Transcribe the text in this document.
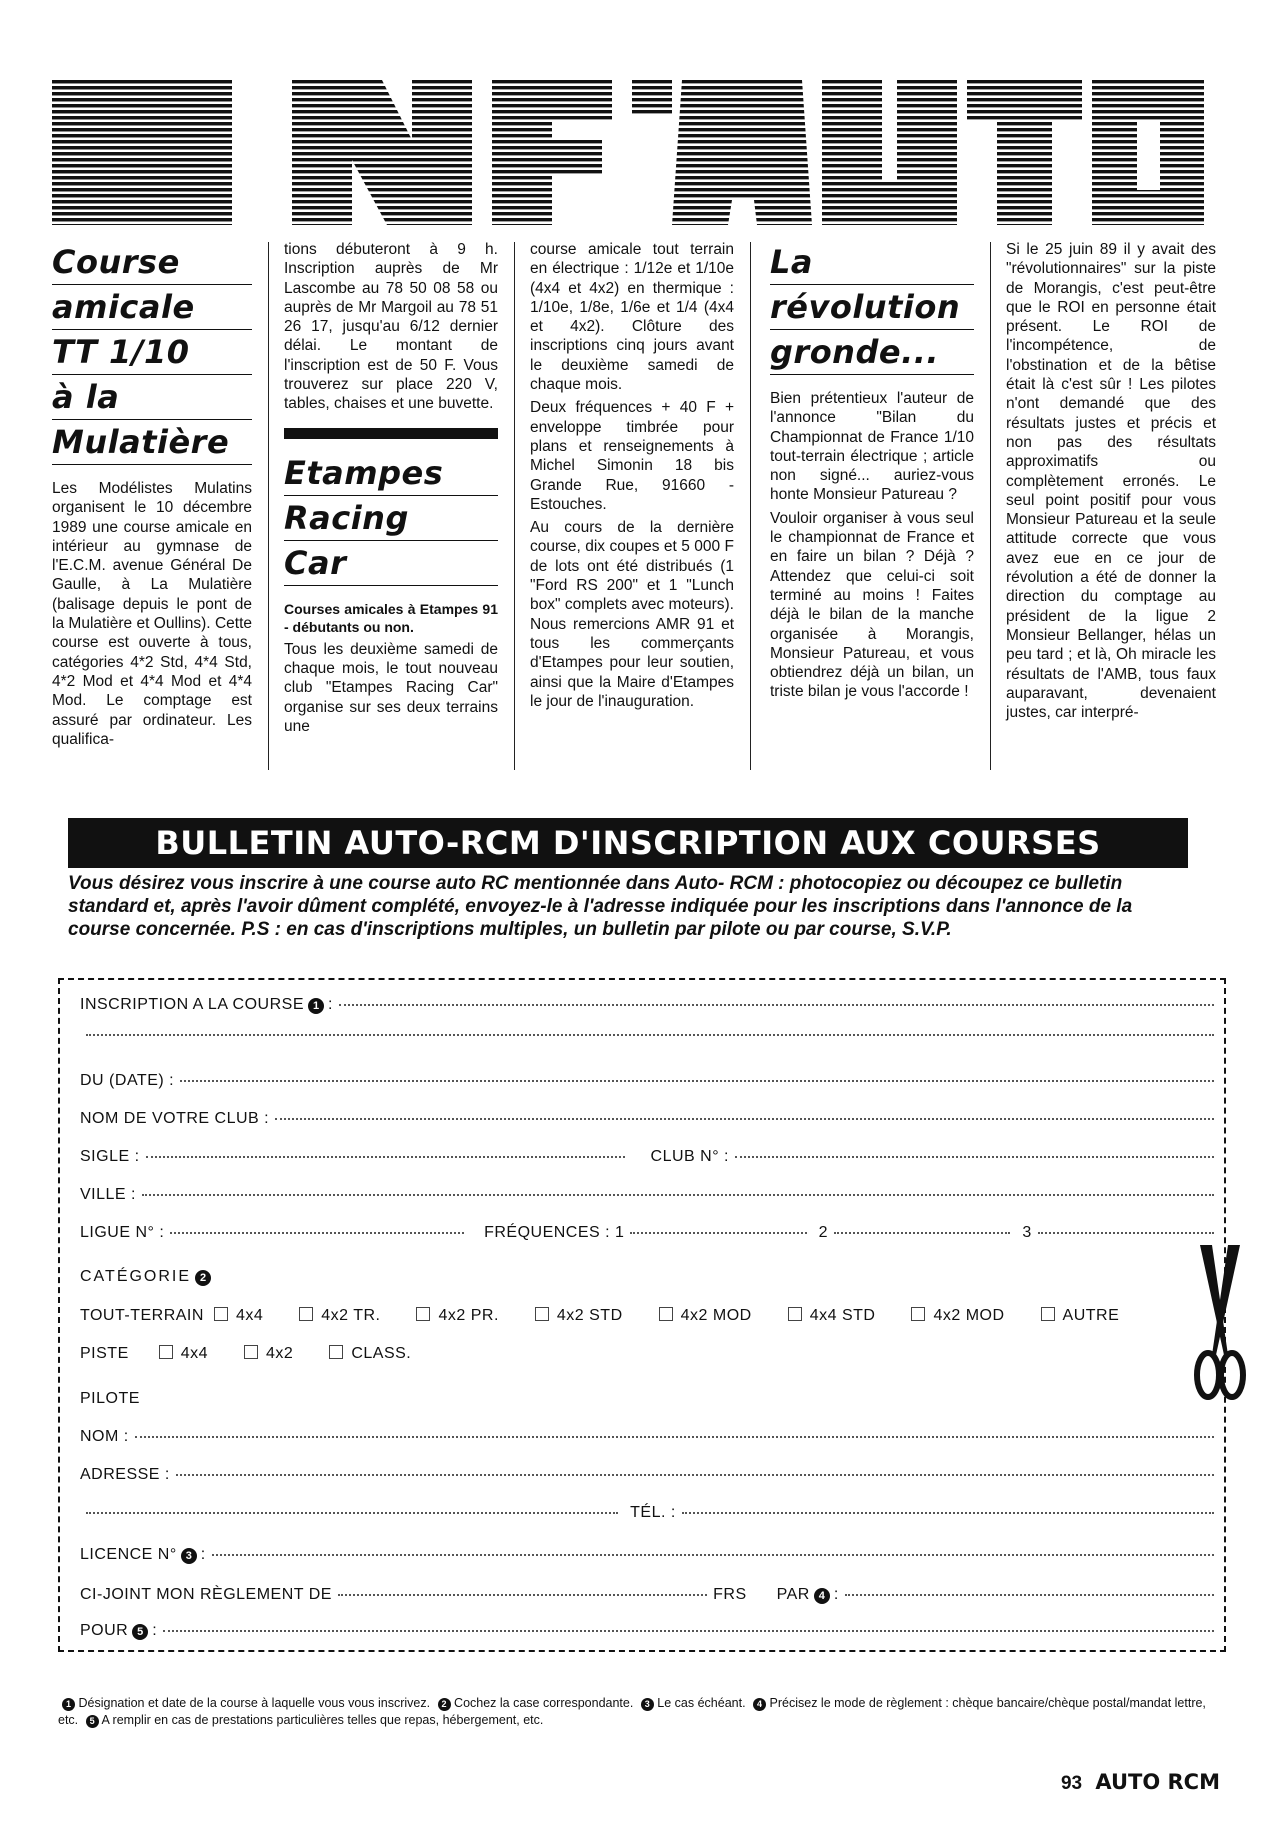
Course
amicale
TT 1/10
à la
Mulatière

Les Modélistes Mulatins organisent le 10 décembre 1989 une course amicale en intérieur au gymnase de l'E.C.M. avenue Général De Gaulle, à La Mulatière (balisage depuis le pont de la Mulatière et Oullins). Cette course est ouverte à tous, catégories 4*2 Std, 4*4 Std, 4*2 Mod et 4*4 Mod et 4*4 Mod. Le comptage est assuré par ordinateur. Les qualifica-

tions débuteront à 9 h. Inscription auprès de Mr Lascombe au 78 50 08 58 ou auprès de Mr Margoil au 78 51 26 17, jusqu'au 6/12 dernier délai. Le montant de l'inscription est de 50 F. Vous trouverez sur place 220 V, tables, chaises et une buvette.

Etampes
Racing
Car

Courses amicales à Etampes 91 - débutants ou non.

Tous les deuxième samedi de chaque mois, le tout nouveau club "Etampes Racing Car" organise sur ses deux terrains une

course amicale tout terrain en électrique : 1/12e et 1/10e (4x4 et 4x2) en thermique : 1/10e, 1/8e, 1/6e et 1/4 (4x4 et 4x2). Clôture des inscriptions cinq jours avant le deuxième samedi de chaque mois.

Deux fréquences + 40 F + enveloppe timbrée pour plans et renseignements à Michel Simonin 18 bis Grande Rue, 91660 - Estouches.

Au cours de la dernière course, dix coupes et 5 000 F de lots ont été distribués (1 "Ford RS 200" et 1 "Lunch box" complets avec moteurs). Nous remercions AMR 91 et tous les commerçants d'Etampes pour leur soutien, ainsi que la Maire d'Etampes le jour de l'inauguration.

La
révolution
gronde...

Bien prétentieux l'auteur de l'annonce "Bilan du Championnat de France 1/10 tout-terrain électrique ; article non signé... auriez-vous honte Monsieur Patureau ?

Vouloir organiser à vous seul le championnat de France et en faire un bilan ? Déjà ? Attendez que celui-ci soit terminé au moins ! Faites déjà le bilan de la manche organisée à Morangis, Monsieur Patureau, et vous obtiendrez déjà un bilan, un triste bilan je vous l'accorde !

Si le 25 juin 89 il y avait des "révolutionnaires" sur la piste de Morangis, c'est peut-être que le ROI en personne était présent. Le ROI de l'incompétence, de l'obstination et de la bêtise était là c'est sûr ! Les pilotes n'ont demandé que des résultats justes et précis et non pas des résultats approximatifs ou complètement erronés. Le seul point positif pour vous Monsieur Patureau et la seule attitude correcte que vous avez eue en ce jour de révolution a été de donner la direction du comptage au président de la ligue 2 Monsieur Bellanger, hélas un peu tard ; et là, Oh miracle les résultats de l'AMB, tous faux auparavant, devenaient justes, car interpré-

BULLETIN AUTO-RCM D'INSCRIPTION AUX COURSES

Vous désirez vous inscrire à une course auto RC mentionnée dans Auto- RCM : photocopiez ou découpez ce bulletin standard et, après l'avoir dûment complété, envoyez-le à l'adresse indiquée pour les inscriptions dans l'annonce de la course concernée. P.S : en cas d'inscriptions multiples, un bulletin par pilote ou par course, S.V.P.

INSCRIPTION A LA COURSE 1 :
DU (DATE) :
NOM DE VOTRE CLUB :
SIGLE :	CLUB N° :
VILLE :
LIGUE N° :	FRÉQUENCES : 1	2	3
CATÉGORIE 2
TOUT-TERRAIN 4x4	4x2 TR.	4x2 PR.	4x2 STD	4x2 MOD	4x4 STD	4x2 MOD	AUTRE
PISTE	4x4	4x2	CLASS.
PILOTE
NOM :
ADRESSE :
TÉL. :
LICENCE N° 3 :
CI-JOINT MON RÈGLEMENT DE	FRS PAR 4 :
POUR 5 :

1 Désignation et date de la course à laquelle vous vous inscrivez. 2 Cochez la case correspondante. 3 Le cas échéant. 4 Précisez le mode de règlement : chèque bancaire/chèque postal/mandat lettre, etc. 5 A remplir en cas de prestations particulières telles que repas, hébergement, etc.

93 AUTO RCM
